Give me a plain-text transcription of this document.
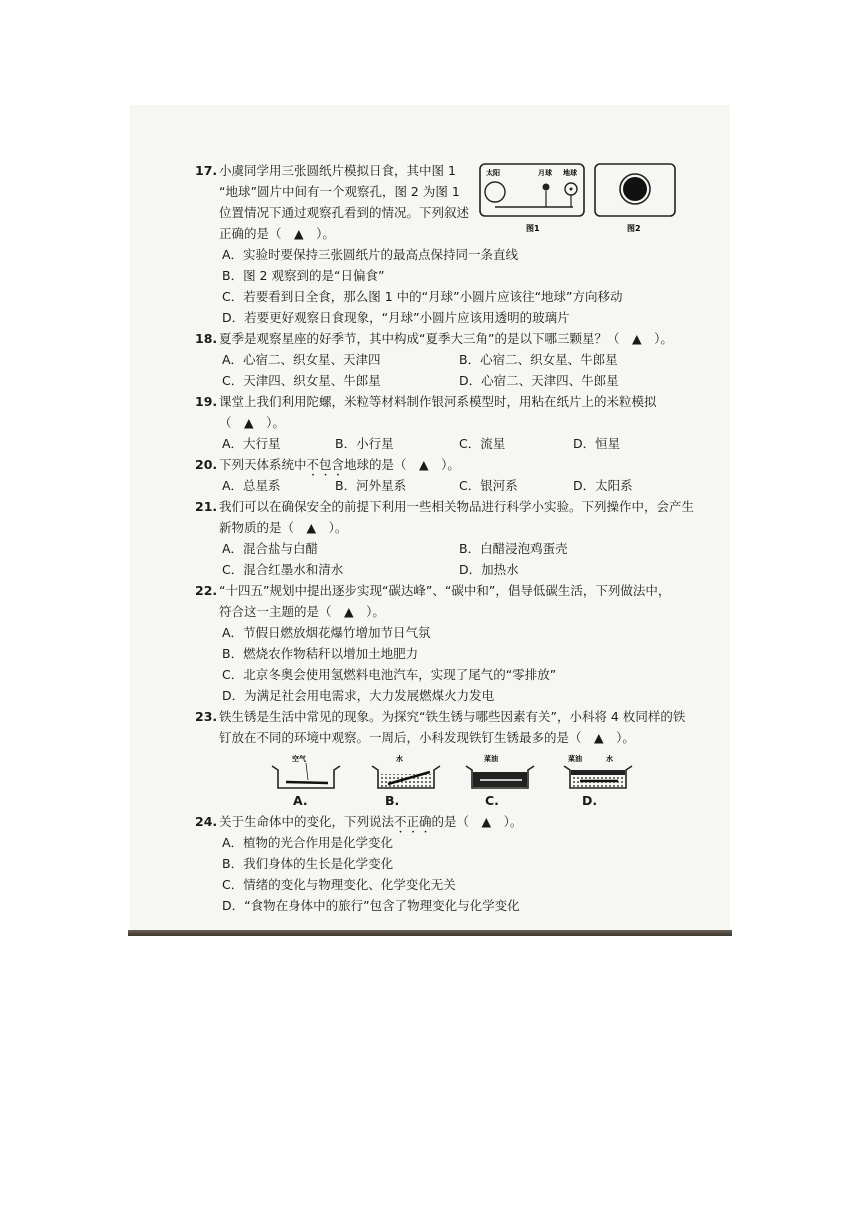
17. 小虞同学用三张圆纸片模拟日食，其中图 1
“地球”圆片中间有一个观察孔，图 2 为图 1
位置情况下通过观察孔看到的情况。下列叙述
正确的是（　▲　）。
太阳	月球 地球
图1	图2
A．实验时要保持三张圆纸片的最高点保持同一条直线
B．图 2 观察到的是“日偏食”
C．若要看到日全食，那么图 1 中的“月球”小圆片应该往“地球”方向移动
D．若要更好观察日食现象，“月球”小圆片应该用透明的玻璃片
18. 夏季是观察星座的好季节，其中构成“夏季大三角”的是以下哪三颗星？（　▲　）。
A．心宿二、织女星、天津四	B．心宿二、织女星、牛郎星
C．天津四、织女星、牛郎星	D．心宿二、天津四、牛郎星
19. 课堂上我们利用陀螺，米粒等材料制作银河系模型时，用粘在纸片上的米粒模拟
（　▲　）。
A．大行星	B．小行星	C．流星	D．恒星
20. 下列天体系统中不包含地球的是（　▲　）。
A．总星系	B．河外星系	C．银河系	D．太阳系
21. 我们可以在确保安全的前提下利用一些相关物品进行科学小实验。下列操作中，会产生
新物质的是（　▲　）。
A．混合盐与白醋	B．白醋浸泡鸡蛋壳
C．混合红墨水和清水	D．加热水
22. “十四五”规划中提出逐步实现“碳达峰”、“碳中和”，倡导低碳生活，下列做法中，
符合这一主题的是（　▲　）。
A．节假日燃放烟花爆竹增加节日气氛
B．燃烧农作物秸秆以增加土地肥力
C．北京冬奥会使用氢燃料电池汽车，实现了尾气的“零排放”
D．为满足社会用电需求，大力发展燃煤火力发电
23. 铁生锈是生活中常见的现象。为探究“铁生锈与哪些因素有关”，小科将 4 枚同样的铁
钉放在不同的环境中观察。一周后，小科发现铁钉生锈最多的是（　▲　）。
空气	水	菜油	菜油	水
A.	B.	C.	D.
24. 关于生命体中的变化，下列说法不正确的是（　▲　）。
A．植物的光合作用是化学变化
B．我们身体的生长是化学变化
C．情绪的变化与物理变化、化学变化无关
D．“食物在身体中的旅行”包含了物理变化与化学变化
